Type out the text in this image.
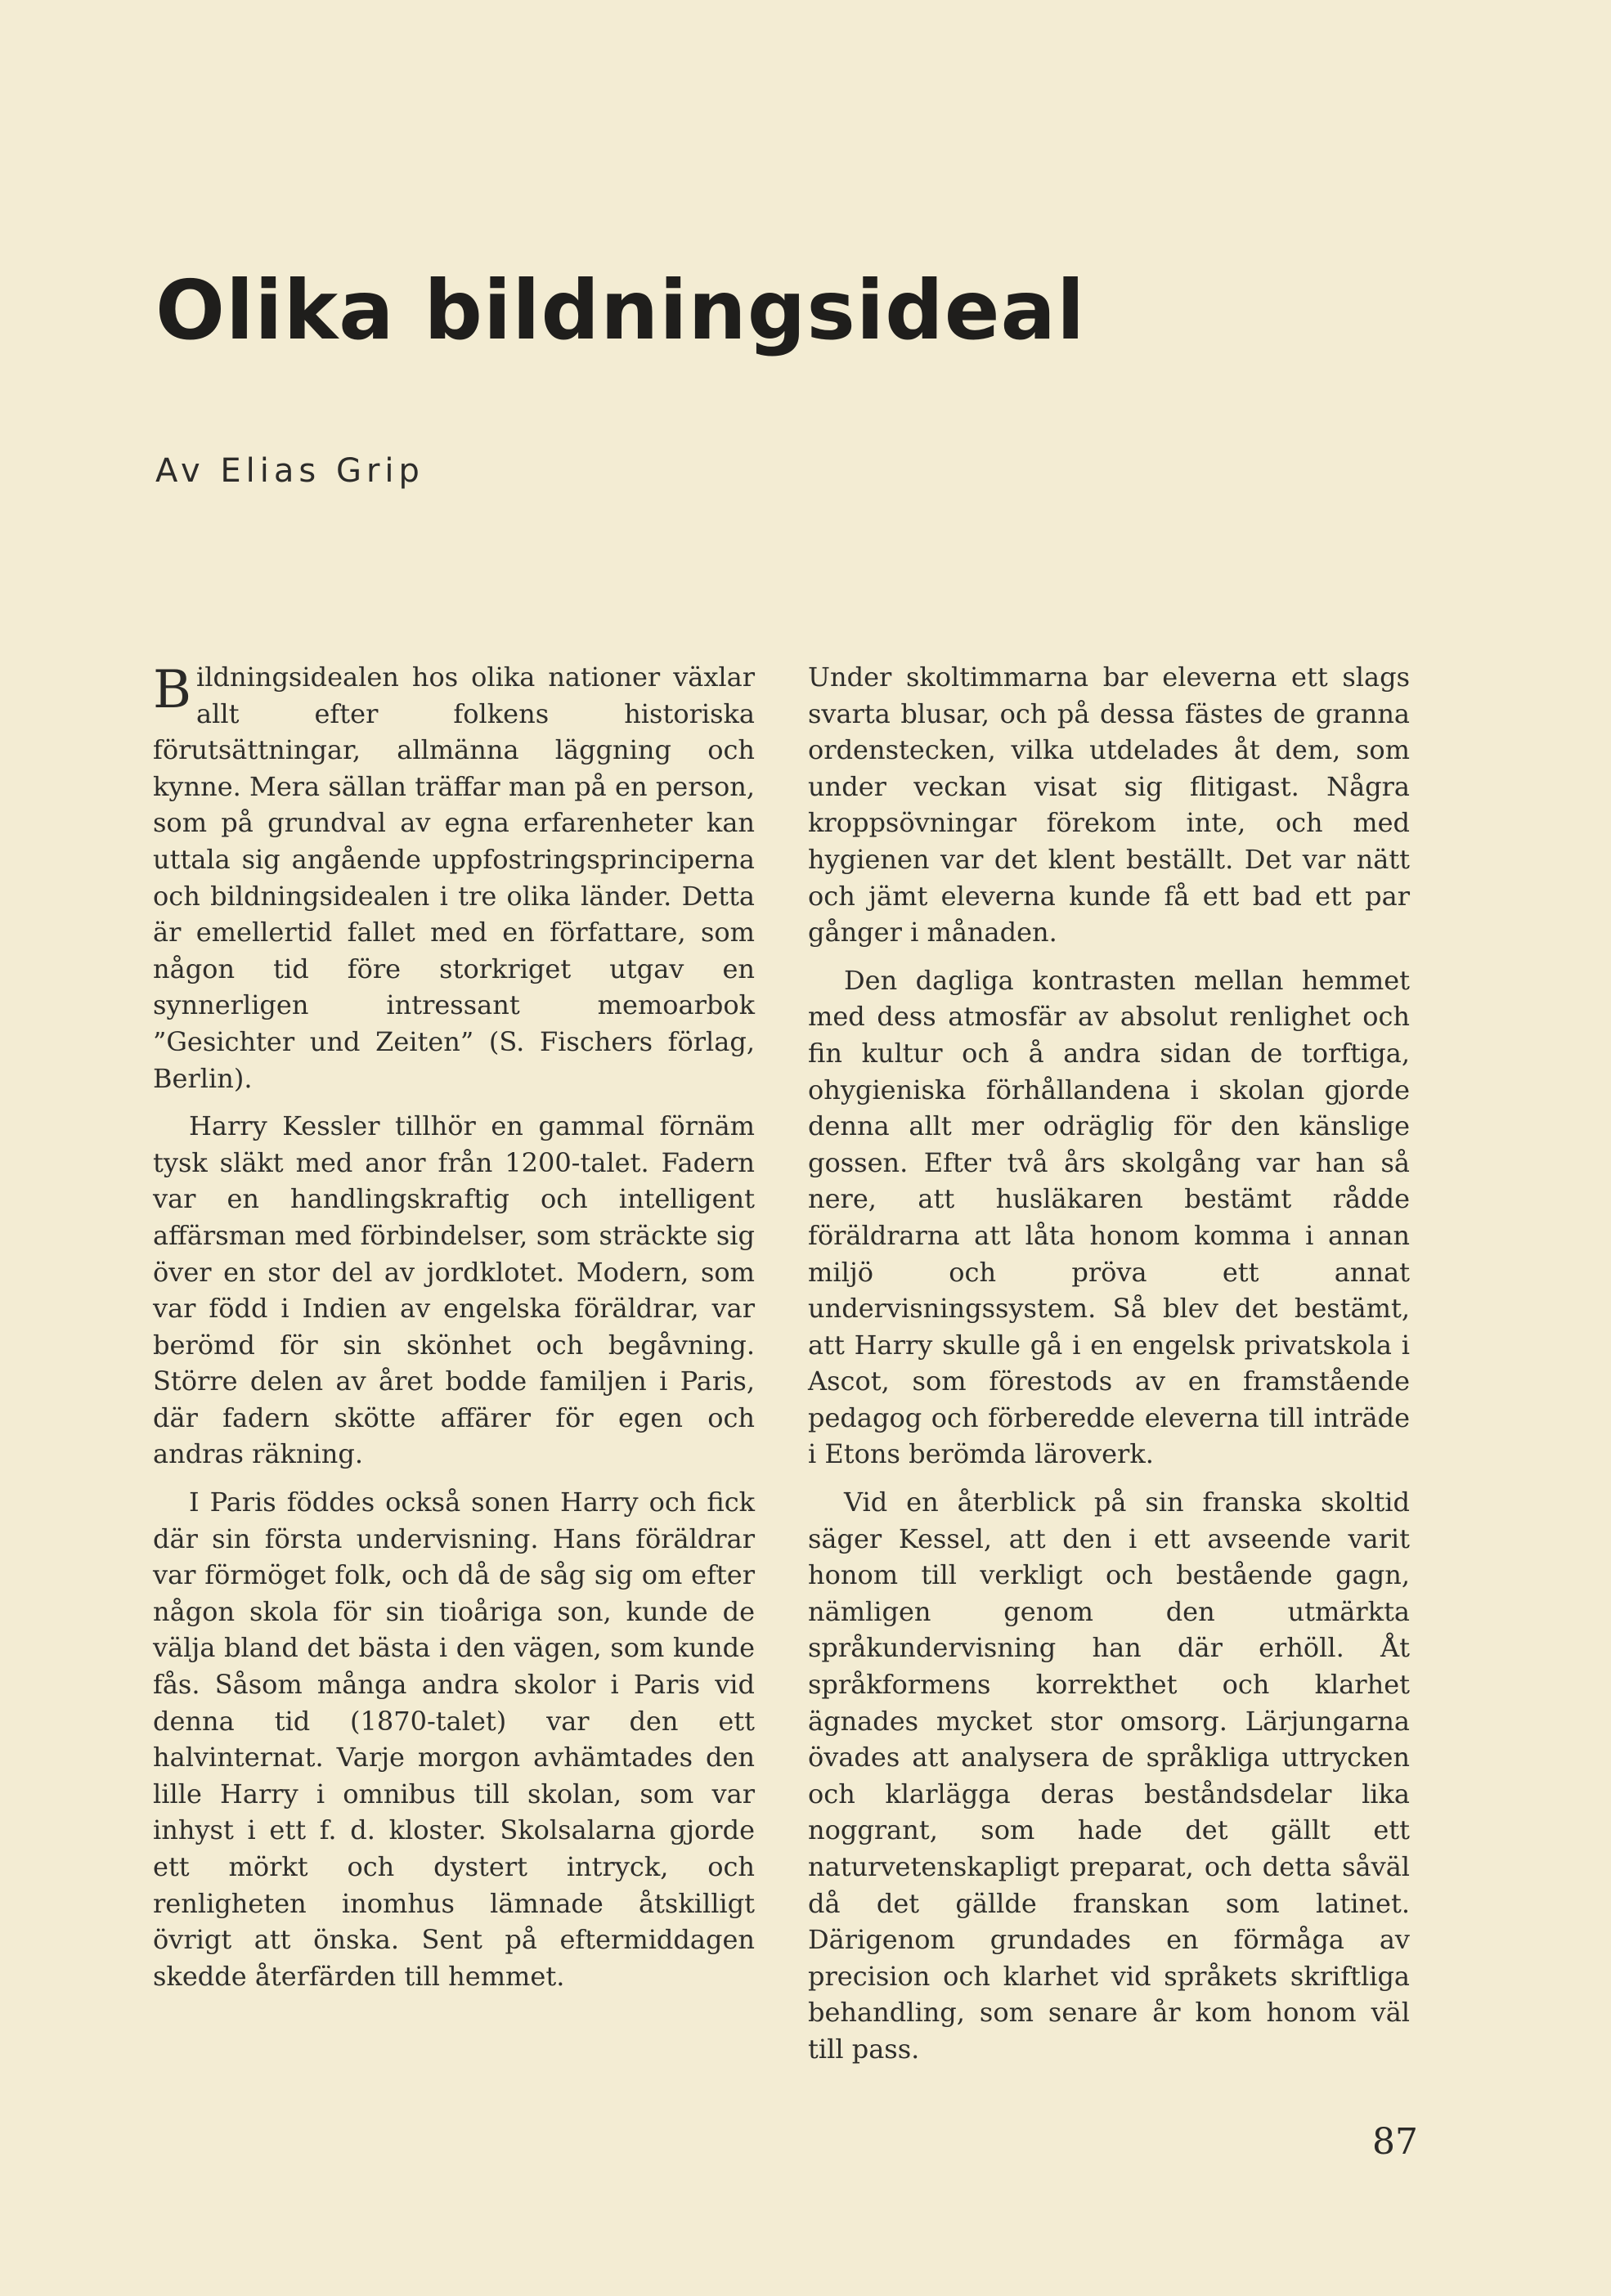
Olika bildningsideal
Av Elias Grip

Bildningsidealen hos olika nationer växlar allt efter folkens historiska förutsättningar, allmänna läggning och kynne. Mera sällan träffar man på en person, som på grundval av egna erfarenheter kan uttala sig angående uppfostringsprinciperna och bildningsidealen i tre olika länder. Detta är emellertid fallet med en författare, som någon tid före storkriget utgav en synnerligen intressant memoarbok ”Gesichter und Zeiten” (S. Fischers förlag, Berlin).

Harry Kessler tillhör en gammal förnäm tysk släkt med anor från 1200-talet. Fadern var en handlingskraftig och intelligent affärsman med förbindelser, som sträckte sig över en stor del av jordklotet. Modern, som var född i Indien av engelska föräldrar, var berömd för sin skönhet och begåvning. Större delen av året bodde familjen i Paris, där fadern skötte affärer för egen och andras räkning.

I Paris föddes också sonen Harry och fick där sin första undervisning. Hans föräldrar var förmöget folk, och då de såg sig om efter någon skola för sin tioåriga son, kunde de välja bland det bästa i den vägen, som kunde fås. Såsom många andra skolor i Paris vid denna tid (1870-talet) var den ett halvinternat. Varje morgon avhämtades den lille Harry i omnibus till skolan, som var inhyst i ett f. d. kloster. Skolsalarna gjorde ett mörkt och dystert intryck, och renligheten inomhus lämnade åtskilligt övrigt att önska. Sent på eftermiddagen skedde återfärden till hemmet.

Under skoltimmarna bar eleverna ett slags svarta blusar, och på dessa fästes de granna ordenstecken, vilka utdelades åt dem, som under veckan visat sig flitigast. Några kroppsövningar förekom inte, och med hygienen var det klent beställt. Det var nätt och jämt eleverna kunde få ett bad ett par gånger i månaden.

Den dagliga kontrasten mellan hemmet med dess atmosfär av absolut renlighet och fin kultur och å andra sidan de torftiga, ohygieniska förhållandena i skolan gjorde denna allt mer odräglig för den känslige gossen. Efter två års skolgång var han så nere, att husläkaren bestämt rådde föräldrarna att låta honom komma i annan miljö och pröva ett annat undervisningssystem. Så blev det bestämt, att Harry skulle gå i en engelsk privatskola i Ascot, som förestods av en framstående pedagog och förberedde eleverna till inträde i Etons berömda läroverk.

Vid en återblick på sin franska skoltid säger Kessel, att den i ett avseende varit honom till verkligt och bestående gagn, nämligen genom den utmärkta språkundervisning han där erhöll. Åt språkformens korrekthet och klarhet ägnades mycket stor omsorg. Lärjungarna övades att analysera de språkliga uttrycken och klarlägga deras beståndsdelar lika noggrant, som hade det gällt ett naturvetenskapligt preparat, och detta såväl då det gällde franskan som latinet. Därigenom grundades en förmåga av precision och klarhet vid språkets skriftliga behandling, som senare år kom honom väl till pass.

87
